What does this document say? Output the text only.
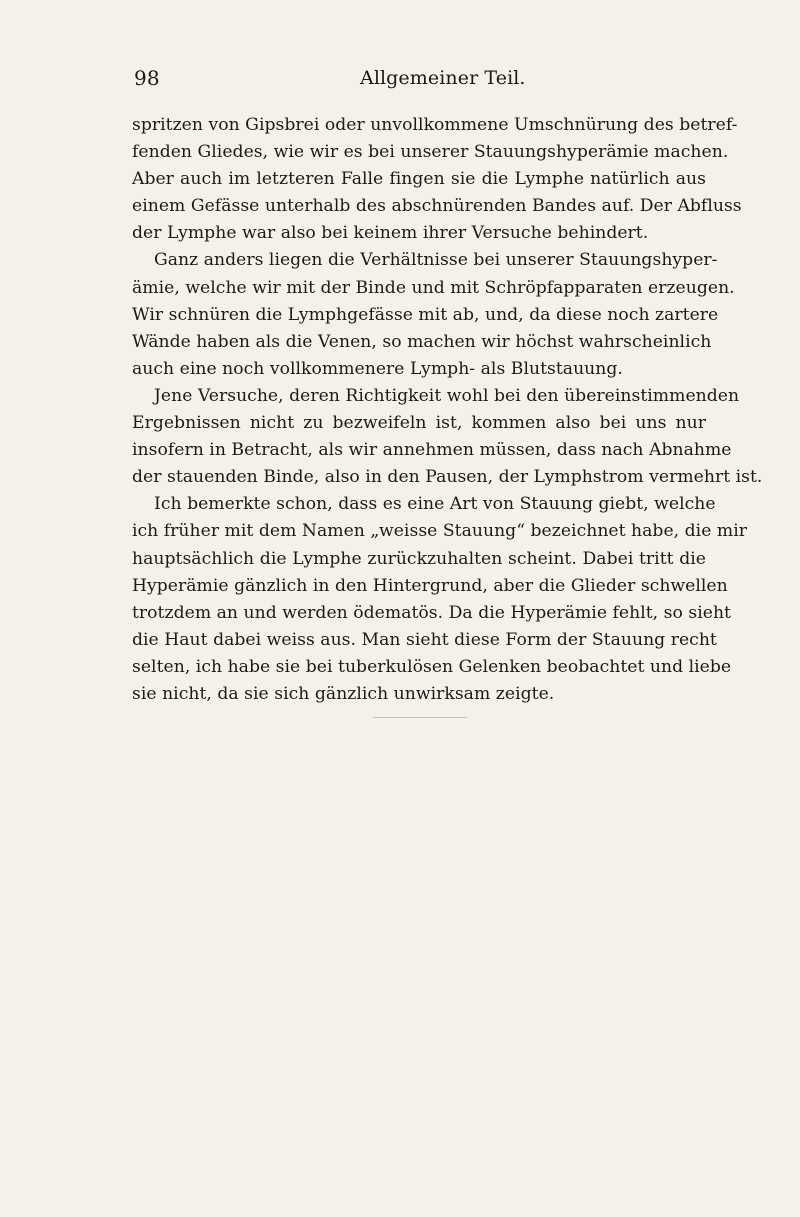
98	Allgemeiner Teil.
spritzen von Gipsbrei oder unvollkommene Umschnürung des betref-
fenden Gliedes, wie wir es bei unserer Stauungshyperämie machen.
Aber auch im letzteren Falle fingen sie die Lymphe natürlich aus
einem Gefässe unterhalb des abschnürenden Bandes auf. Der Abfluss
der Lymphe war also bei keinem ihrer Versuche behindert.
Ganz anders liegen die Verhältnisse bei unserer Stauungshyper-
ämie, welche wir mit der Binde und mit Schröpfapparaten erzeugen.
Wir schnüren die Lymphgefässe mit ab, und, da diese noch zartere
Wände haben als die Venen, so machen wir höchst wahrscheinlich
auch eine noch vollkommenere Lymph- als Blutstauung.
Jene Versuche, deren Richtigkeit wohl bei den übereinstimmenden
Ergebnissen nicht zu bezweifeln ist, kommen also bei uns nur
insofern in Betracht, als wir annehmen müssen, dass nach Abnahme
der stauenden Binde, also in den Pausen, der Lymphstrom vermehrt ist.
Ich bemerkte schon, dass es eine Art von Stauung giebt, welche
ich früher mit dem Namen „weisse Stauung“ bezeichnet habe, die mir
hauptsächlich die Lymphe zurückzuhalten scheint. Dabei tritt die
Hyperämie gänzlich in den Hintergrund, aber die Glieder schwellen
trotzdem an und werden ödematös. Da die Hyperämie fehlt, so sieht
die Haut dabei weiss aus. Man sieht diese Form der Stauung recht
selten, ich habe sie bei tuberkulösen Gelenken beobachtet und liebe
sie nicht, da sie sich gänzlich unwirksam zeigte.
